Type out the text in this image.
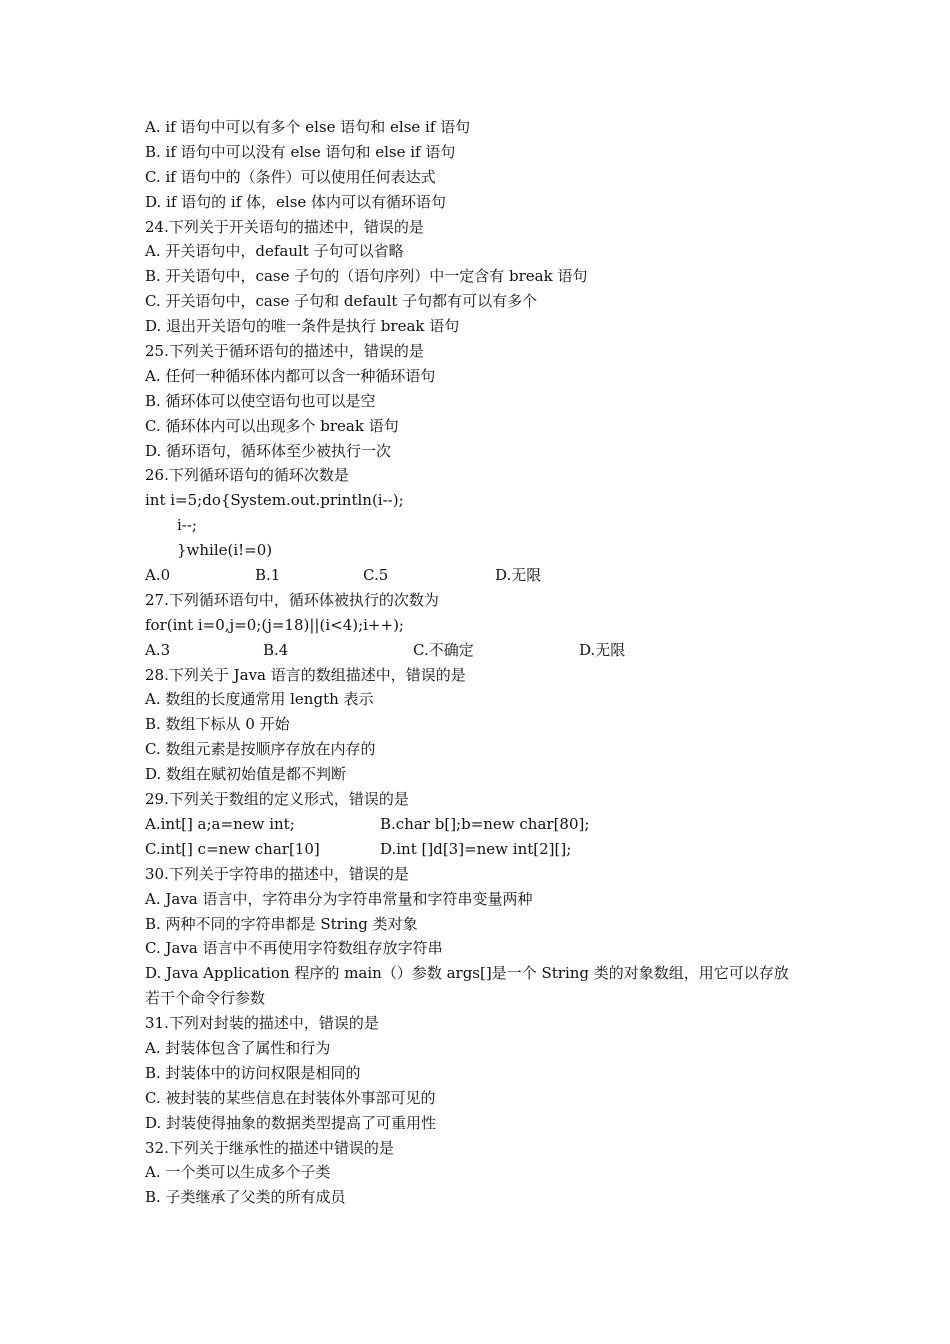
A. if 语句中可以有多个 else 语句和 else if 语句
B. if 语句中可以没有 else 语句和 else if 语句
C. if 语句中的（条件）可以使用任何表达式
D. if 语句的 if 体，else 体内可以有循环语句
24.下列关于开关语句的描述中，错误的是
A. 开关语句中，default 子句可以省略
B. 开关语句中，case 子句的（语句序列）中一定含有 break 语句
C. 开关语句中，case 子句和 default 子句都有可以有多个
D. 退出开关语句的唯一条件是执行 break 语句
25.下列关于循环语句的描述中，错误的是
A. 任何一种循环体内都可以含一种循环语句
B. 循环体可以使空语句也可以是空
C. 循环体内可以出现多个 break 语句
D. 循环语句，循环体至少被执行一次
26.下列循环语句的循环次数是
int i=5;do{System.out.println(i--);
i--;
}while(i!=0)
A.0	B.1	C.5	D.无限
27.下列循环语句中，循环体被执行的次数为
for(int i=0,j=0;(j=18)||(i<4);i++);
A.3	B.4	C.不确定	D.无限
28.下列关于 Java 语言的数组描述中，错误的是
A. 数组的长度通常用 length 表示
B. 数组下标从 0 开始
C. 数组元素是按顺序存放在内存的
D. 数组在赋初始值是都不判断
29.下列关于数组的定义形式，错误的是
A.int[] a;a=new int;	B.char b[];b=new char[80];
C.int[] c=new char[10]	D.int []d[3]=new int[2][];
30.下列关于字符串的描述中，错误的是
A. Java 语言中，字符串分为字符串常量和字符串变量两种
B. 两种不同的字符串都是 String 类对象
C. Java 语言中不再使用字符数组存放字符串
D. Java Application 程序的 main（）参数 args[]是一个 String 类的对象数组，用它可以存放
若干个命令行参数
31.下列对封装的描述中，错误的是
A. 封装体包含了属性和行为
B. 封装体中的访问权限是相同的
C. 被封装的某些信息在封装体外事部可见的
D. 封装使得抽象的数据类型提高了可重用性
32.下列关于继承性的描述中错误的是
A. 一个类可以生成多个子类
B. 子类继承了父类的所有成员
